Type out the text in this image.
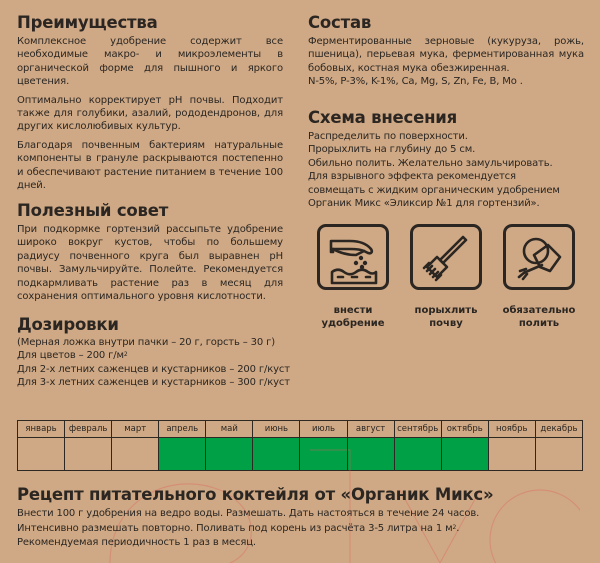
Преимущества

Комплексное удобрение содержит все необходимые макро- и микроэлементы в органической форме для пышного и яркого цветения.

Оптимально корректирует pH почвы. Подходит также для голубики, азалий, рододендронов, для других кислолюбивых культур.

Благодаря почвенным бактериям натуральные компоненты в грануле раскрываются постепенно и обеспечивают растение питанием в течение 100 дней.

Полезный совет

При подкормке гортензий рассыпьте удобрение широко вокруг кустов, чтобы по большему радиусу почвенного круга был выравнен pH почвы. Замульчируйте. Полейте. Рекомендуется подкармливать растение раз в месяц для сохранения оптимального уровня кислотности.

Дозировки
(Мерная ложка внутри пачки – 20 г, горсть – 30 г)
Для цветов – 200 $г/м^2$
Для 2-х летних саженцев и кустарников – 200 г/куст
Для 3-х летних саженцев и кустарников – 300 г/куст
Состав

Ферментированные зерновые (кукуруза, рожь, пшеница), перьевая мука, ферментированная мука бобовых, костная мука обезжиренная.

N-5%, P-3%, K-1%, Ca, Mg, S, Zn, Fe, B, Mo .
Схема внесения
Распределить по поверхности.
Прорыхлить на глубину до 5 см.
Обильно полить. Желательно замульчировать.
Для взрывного эффекта рекомендуется
совмещать с жидким органическим удобрением
Органик Микс «Эликсир №1 для гортензий».
внести
удобрение
порыхлить
почву
обязательно
полить
январь	февраль	март	апрель	май	июнь	июль	август	сентябрь	октябрь	ноябрь	декабрь

Рецепт питательного коктейля от «Органик Микс»
Внести 100 г удобрения на ведро воды. Размешать. Дать настояться в течение 24 часов.
Интенсивно размешать повторно. Поливать под корень из расчёта 3-5 литра на 1 $м^2$.
Рекомендуемая периодичность 1 раз в месяц.
